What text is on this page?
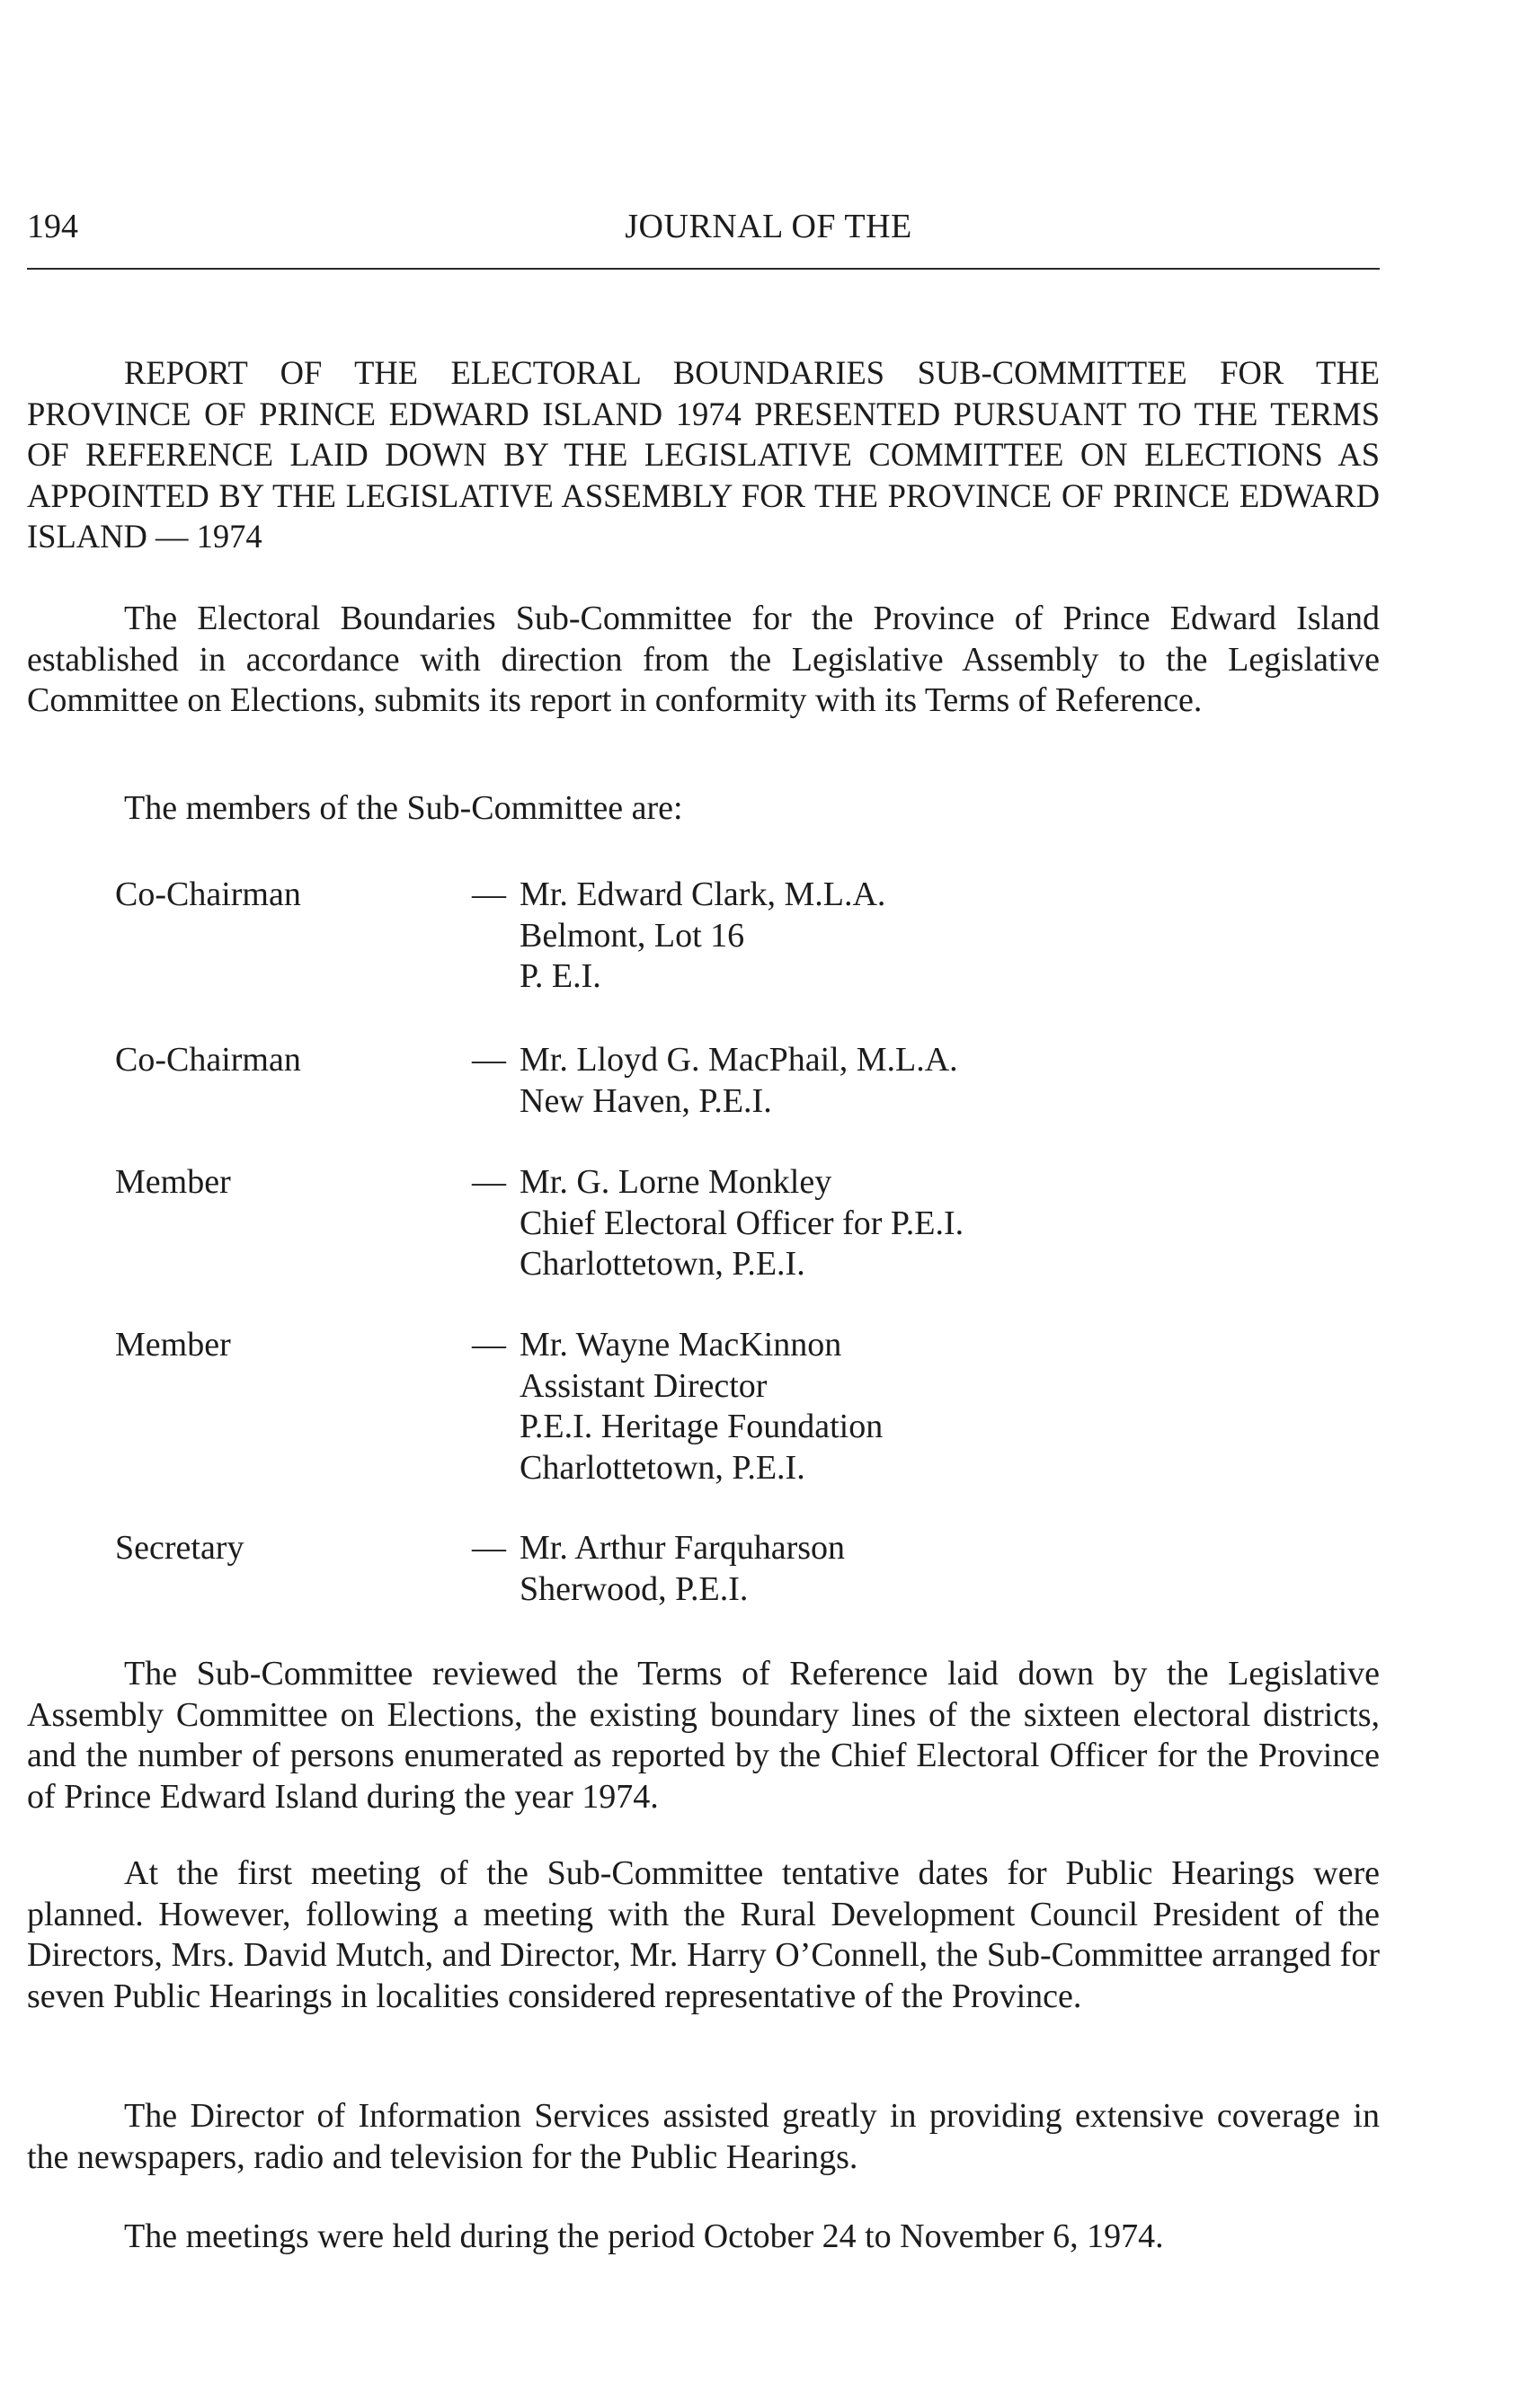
194	JOURNAL OF THE

REPORT OF THE ELECTORAL BOUNDARIES SUB-COMMITTEE FOR THE PROVINCE OF PRINCE EDWARD ISLAND 1974 PRESENTED PURSUANT TO THE TERMS OF REFERENCE LAID DOWN BY THE LEGISLATIVE COMMITTEE ON ELECTIONS AS APPOINTED BY THE LEGISLATIVE ASSEMBLY FOR THE PROVINCE OF PRINCE EDWARD ISLAND — 1974

The Electoral Boundaries Sub-Committee for the Province of Prince Edward Island established in accordance with direction from the Legislative Assembly to the Legislative Committee on Elections, submits its report in conformity with its Terms of Reference.

The members of the Sub-Committee are:

Co-Chairman	— Mr. Edward Clark, M.L.A.
Belmont, Lot 16
P. E.I.
Co-Chairman	— Mr. Lloyd G. MacPhail, M.L.A.
New Haven, P.E.I.
Member	— Mr. G. Lorne Monkley
Chief Electoral Officer for P.E.I.
Charlottetown, P.E.I.
Member	— Mr. Wayne MacKinnon
Assistant Director
P.E.I. Heritage Foundation
Charlottetown, P.E.I.
Secretary	— Mr. Arthur Farquharson
Sherwood, P.E.I.

The Sub-Committee reviewed the Terms of Reference laid down by the Legislative Assembly Committee on Elections, the existing boundary lines of the sixteen electoral districts, and the number of persons enumerated as reported by the Chief Electoral Officer for the Province of Prince Edward Island during the year 1974.

At the first meeting of the Sub-Committee tentative dates for Public Hearings were planned. However, following a meeting with the Rural Development Council President of the Directors, Mrs. David Mutch, and Director, Mr. Harry O’Connell, the Sub-Committee arranged for seven Public Hearings in localities considered representative of the Province.

The Director of Information Services assisted greatly in providing extensive coverage in the newspapers, radio and television for the Public Hearings.

The meetings were held during the period October 24 to November 6, 1974.
